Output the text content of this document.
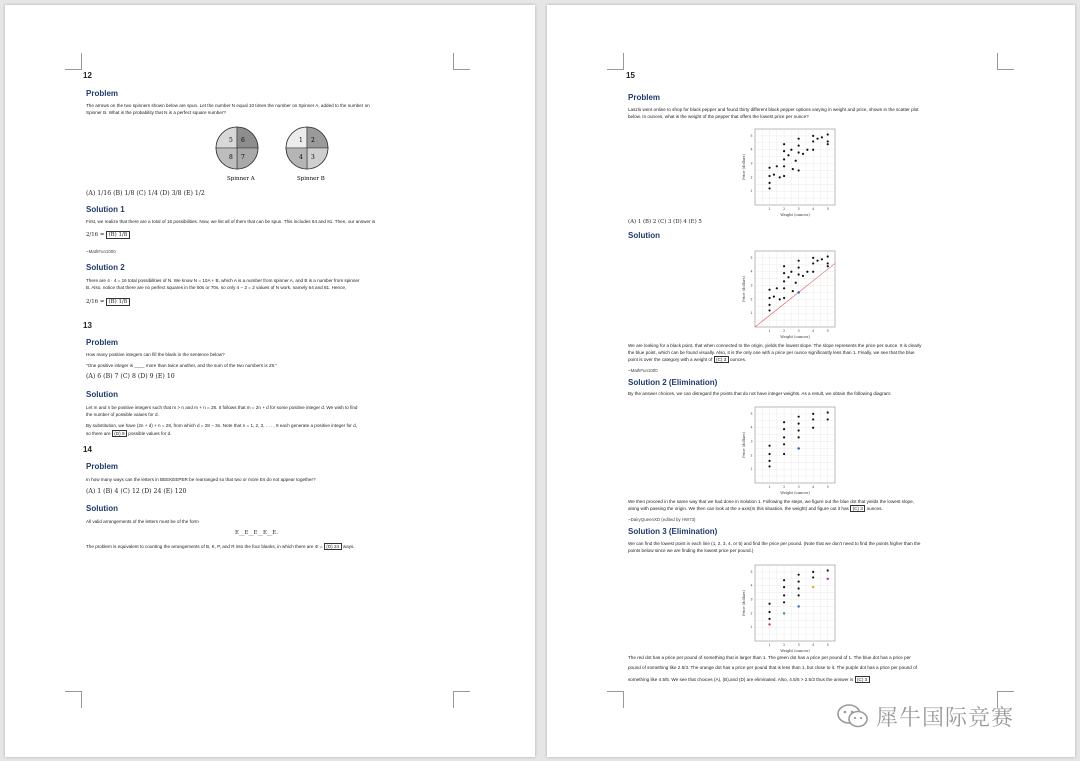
12
Problem
The arrows on the two spinners shown below are spun. Let the number N equal 10 times the number on Spinner A, added to the number on
Spinner B. What is the probability that N is a perfect square number?
5 6
7
8
Spinner A
1 2
3
4
Spinner B
(A) 1/16 (B) 1/8 (C) 1/4 (D) 3/8 (E) 1/2
Solution 1
First, we realize that there are a total of 16 possibilities. Now, we list all of them that can be spun. This includes 64 and 81. Then, our answer is
2/16 = (B) 1/8
~MathFun1000
Solution 2
There are 4 · 4 = 16 total possibilities of N. We know N = 10A + B, which A is a number from spinner A, and B is a number from spinner
B. Also, notice that there are no perfect squares in the 50s or 70s, so only 4 − 2 = 2 values of N work, namely 64 and 81. Hence,
2/16 = (B) 1/8
13
Problem
How many positive integers can fill the blank in the sentence below?
"One positive integer is ____ more than twice another, and the sum of the two numbers is 28."
(A) 6 (B) 7 (C) 8 (D) 9 (E) 10
Solution
Let m and n be positive integers such that m > n and m + n = 28. It follows that m = 2n + d for some positive integer d. We wish to find
the number of possible values for d.
By substitution, we have (2n + d) + n = 28, from which d = 28 − 3n. Note that n = 1, 2, 3, . . . , 9 each generate a positive integer for d,
so there are (D) 9 possible values for d.
14
Problem
In how many ways can the letters in BEEKEEPER be rearranged so that two or more Es do not appear together?
(A) 1 (B) 4 (C) 12 (D) 24 (E) 120
Solution
All valid arrangements of the letters must be of the form
E__E__E__E__E.
The problem is equivalent to counting the arrangements of B, K, P, and R into the four blanks, in which there are 4! = (D) 24 ways.
15
Problem
Laszlo went online to shop for black pepper and found thirty different black pepper options varying in weight and price, shown in the scatter plot
below. In ounces, what is the weight of the pepper that offers the lowest price per ounce?
1	2	3	4	5
1
2
3
4
5
Weight (ounces)
Price (dollars)
(A) 1 (B) 2 (C) 3 (D) 4 (E) 5
Solution
1	2	3	4	5
1
2
3
4
5
Weight (ounces)
Price (dollars)
We are looking for a black point, that when connected to the origin, yields the lowest slope. The slope represents the price per ounce. It is clearly
the blue point, which can be found visually. Also, it is the only one with a price per ounce significantly less than 1. Finally, we see that the blue
point is over the category with a weight of (C) 3 ounces.
~MathFun1000
Solution 2 (Elimination)
By the answer choices, we can disregard the points that do not have integer weights. As a result, we obtain the following diagram:
1	2	3	4	5
1
2
3
4
5
Weight (ounces)
Price (dollars)
We then proceed in the same way that we had done in Solution 1. Following the steps, we figure out the blue dot that yields the lowest slope,
along with passing the origin. We then can look at the x-axis(In this situation, the weight) and figure out it has (C) 3 ounces.
~DairyQueenXD (edited by HW73)
Solution 3 (Elimination)
We can find the lowest point in each line (1, 2, 3, 4, or 5) and find the price per pound. (Note that we don't need to find the points higher than the
points below since we are finding the lowest price per pound.)
1	2	3	4	5
1
2
3
4
5
Weight (ounces)
Price (dollars)
The red dot has a price per pound of something that is larger than 1. The green dot has a price per pound of 1. The blue dot has a price per
pound of something like 2.5/3. The orange dot has a price per pound that is less than 1, but close to it. The purple dot has a price per pound of
something like 4.5/5. We see that choices (A), (B),and (D) are eliminated. Also, 4.5/5 > 2.5/3 thus the answer is (C) 3
犀牛国际竞赛
